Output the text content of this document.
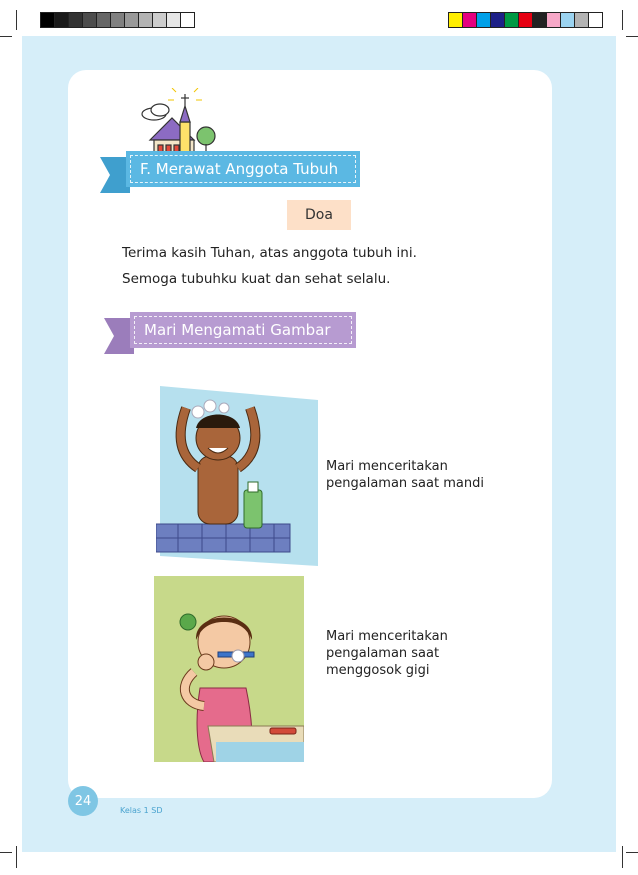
F. Merawat Anggota Tubuh
Doa
Terima kasih Tuhan, atas anggota tubuh ini.
Semoga tubuhku kuat dan sehat selalu.
Mari Mengamati Gambar
Mari menceritakan
pengalaman saat mandi
Mari menceritakan
pengalaman saat
menggosok gigi
24
Kelas 1 SD
